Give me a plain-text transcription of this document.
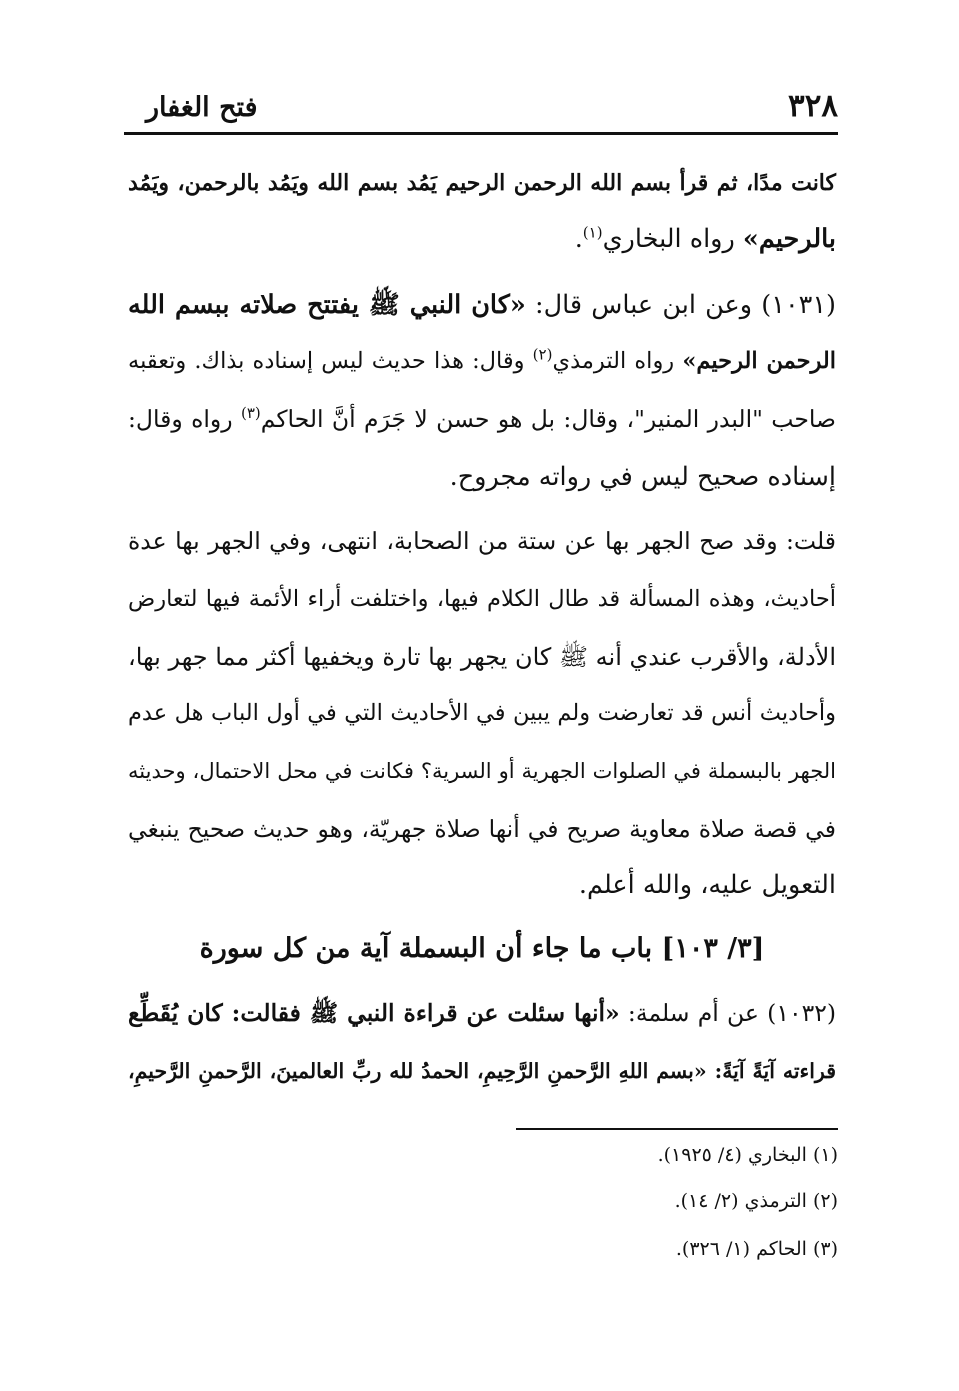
٣٢٨
فتح الغفار
كانت مدًا، ثم قرأ بسم الله الرحمن الرحيم يَمُد بسم الله ويَمُد بالرحمن، ويَمُد
بالرحيم» رواه البخاري$^{(١)}$.
(١٠٣١) وعن ابن عباس قال: «كان النبي ﷺ يفتتح صلاته ببسم الله
الرحمن الرحيم» رواه الترمذي$^{(٢)}$ وقال: هذا حديث ليس إسناده بذاك. وتعقبه
صاحب "البدر المنير"، وقال: بل هو حسن لا جَرَم أنَّ الحاكم$^{(٣)}$ رواه وقال:
إسناده صحيح ليس في رواته مجروح.
قلت: وقد صح الجهر بها عن ستة من الصحابة، انتهى، وفي الجهر بها عدة
أحاديث، وهذه المسألة قد طال الكلام فيها، واختلفت أراء الأئمة فيها لتعارض
الأدلة، والأقرب عندي أنه ﷺ كان يجهر بها تارة ويخفيها أكثر مما جهر بها،
وأحاديث أنس قد تعارضت ولم يبين في الأحاديث التي في أول الباب هل عدم
الجهر بالبسملة في الصلوات الجهرية أو السرية؟ فكانت في محل الاحتمال، وحديثه
في قصة صلاة معاوية صريح في أنها صلاة جهريّة، وهو حديث صحيح ينبغي
التعويل عليه، والله أعلم.
[٣/ ١٠٣] باب ما جاء أن البسملة آية من كل سورة
(١٠٣٢) عن أم سلمة: «أنها سئلت عن قراءة النبي ﷺ فقالت: كان يُقَطِّع
قراءته آيَةً آيَةً: «بسم اللهِ الرَّحمنِ الرَّحِيمِ، الحمدُ لله ربِّ العالمينَ، الرَّحمنِ الرَّحيمِ،
(١) البخاري (٤/ ١٩٢٥).
(٢) الترمذي (٢/ ١٤).
(٣) الحاكم (١/ ٣٢٦).
